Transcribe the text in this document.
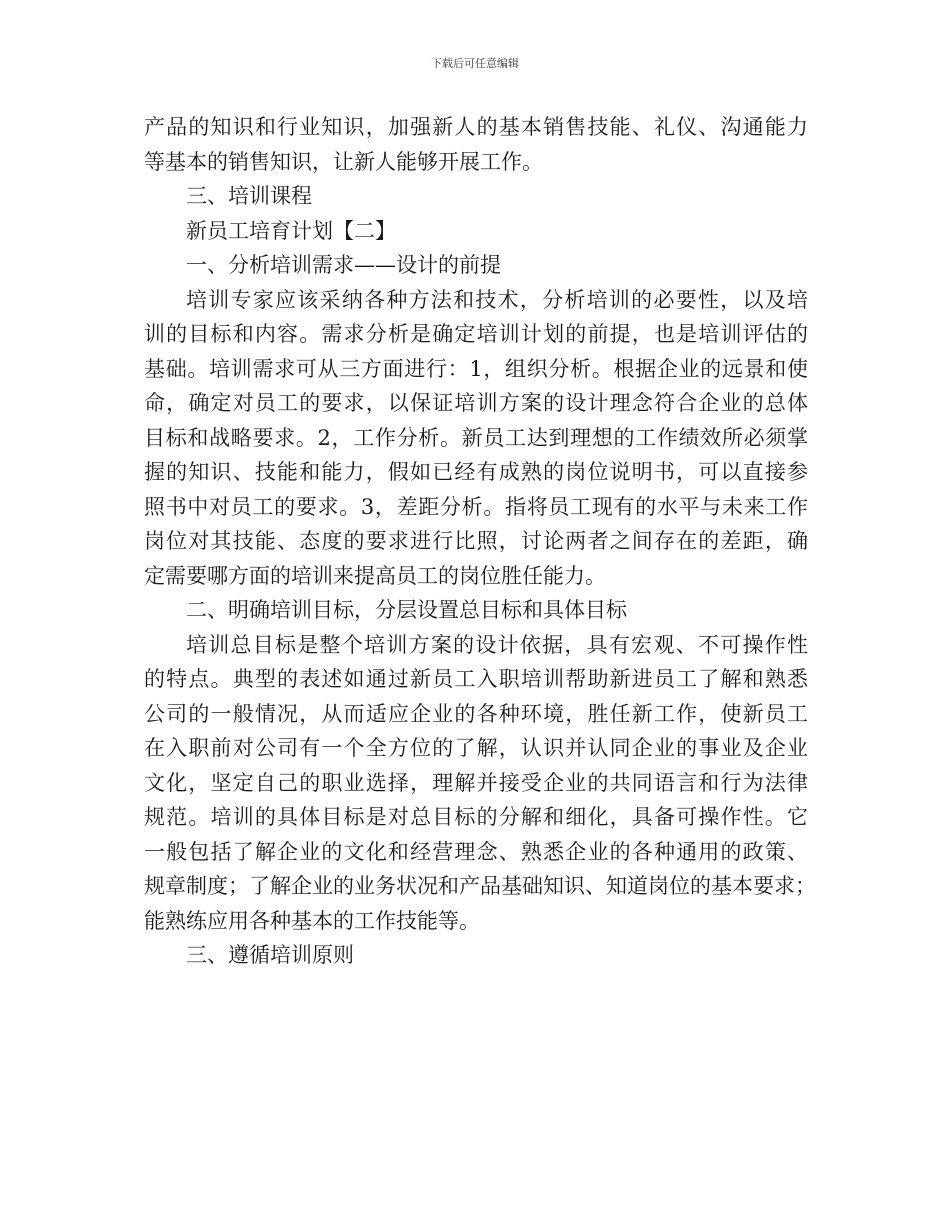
下载后可任意编辑
产品的知识和行业知识，加强新人的基本销售技能、礼仪、沟通能力
等基本的销售知识，让新人能够开展工作。
三、培训课程
新员工培育计划【二】
一、分析培训需求——设计的前提
培训专家应该采纳各种方法和技术，分析培训的必要性，以及培
训的目标和内容。需求分析是确定培训计划的前提，也是培训评估的
基础。培训需求可从三方面进行：1，组织分析。根据企业的远景和使
命，确定对员工的要求，以保证培训方案的设计理念符合企业的总体
目标和战略要求。2，工作分析。新员工达到理想的工作绩效所必须掌
握的知识、技能和能力，假如已经有成熟的岗位说明书，可以直接参
照书中对员工的要求。3，差距分析。指将员工现有的水平与未来工作
岗位对其技能、态度的要求进行比照，讨论两者之间存在的差距，确
定需要哪方面的培训来提高员工的岗位胜任能力。
二、明确培训目标，分层设置总目标和具体目标
培训总目标是整个培训方案的设计依据，具有宏观、不可操作性
的特点。典型的表述如通过新员工入职培训帮助新进员工了解和熟悉
公司的一般情况，从而适应企业的各种环境，胜任新工作，使新员工
在入职前对公司有一个全方位的了解，认识并认同企业的事业及企业
文化，坚定自己的职业选择，理解并接受企业的共同语言和行为法律
规范。培训的具体目标是对总目标的分解和细化，具备可操作性。它
一般包括了解企业的文化和经营理念、熟悉企业的各种通用的政策、
规章制度；了解企业的业务状况和产品基础知识、知道岗位的基本要求；
能熟练应用各种基本的工作技能等。
三、遵循培训原则
